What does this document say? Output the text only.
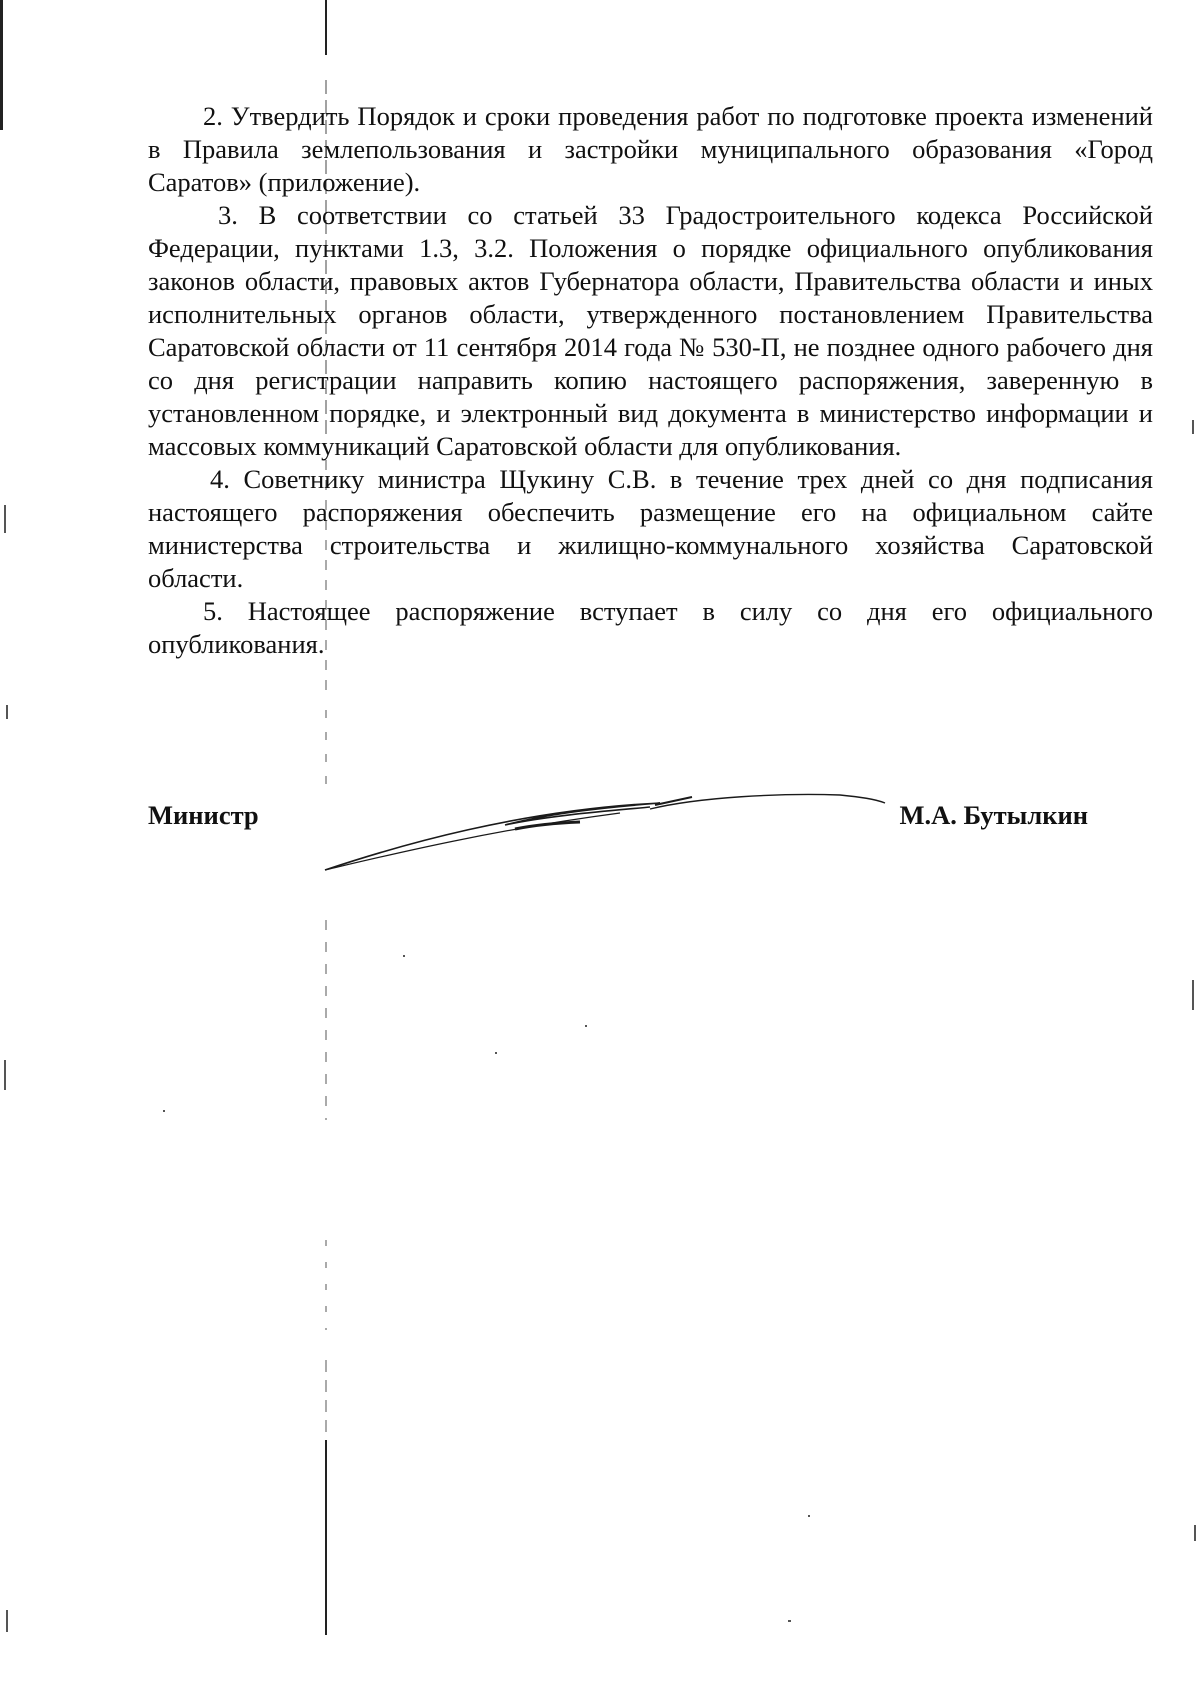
2. Утвердить Порядок и сроки проведения работ по подготовке проекта изменений в Правила землепользования и застройки муниципального образования «Город Саратов» (приложение).

3. В соответствии со статьей 33 Градостроительного кодекса Российской Федерации, пунктами 1.3, 3.2. Положения о порядке официального опубликования законов области, правовых актов Губернатора области, Правительства области и иных исполнительных органов области, утвержденного постановлением Правительства Саратовской области от 11 сентября 2014 года № 530-П, не позднее одного рабочего дня со дня регистрации направить копию настоящего распоряжения, заверенную в установленном порядке, и электронный вид документа в министерство информации и массовых коммуникаций Саратовской области для опубликования.

4. Советнику министра Щукину С.В. в течение трех дней со дня подписания настоящего распоряжения обеспечить размещение его на официальном сайте министерства строительства и жилищно-коммунального хозяйства Саратовской области.

5. Настоящее распоряжение вступает в силу со дня его официального опубликования.

Министр	М.А. Бутылкин
